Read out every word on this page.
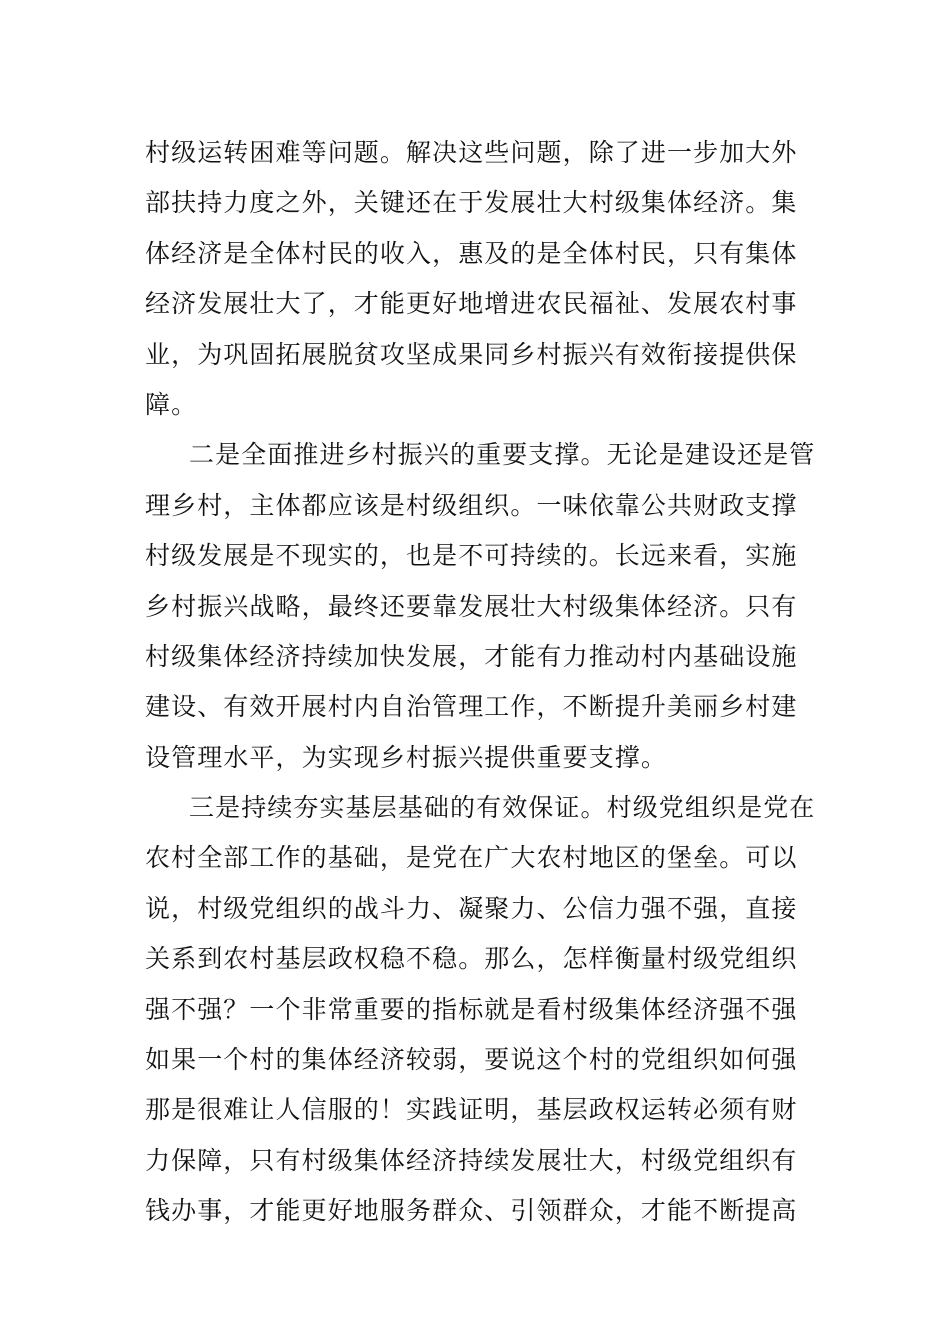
村级运转困难等问题。解决这些问题，除了进一步加大外
部扶持力度之外，关键还在于发展壮大村级集体经济。集
体经济是全体村民的收入，惠及的是全体村民，只有集体
经济发展壮大了，才能更好地增进农民福祉、发展农村事
业，为巩固拓展脱贫攻坚成果同乡村振兴有效衔接提供保
障。
二是全面推进乡村振兴的重要支撑。无论是建设还是管
理乡村，主体都应该是村级组织。一味依靠公共财政支撑
村级发展是不现实的，也是不可持续的。长远来看，实施
乡村振兴战略，最终还要靠发展壮大村级集体经济。只有
村级集体经济持续加快发展，才能有力推动村内基础设施
建设、有效开展村内自治管理工作，不断提升美丽乡村建
设管理水平，为实现乡村振兴提供重要支撑。
三是持续夯实基层基础的有效保证。村级党组织是党在
农村全部工作的基础，是党在广大农村地区的堡垒。可以
说，村级党组织的战斗力、凝聚力、公信力强不强，直接
关系到农村基层政权稳不稳。那么，怎样衡量村级党组织
强不强？一个非常重要的指标就是看村级集体经济强不强
如果一个村的集体经济较弱，要说这个村的党组织如何强
那是很难让人信服的！实践证明，基层政权运转必须有财
力保障，只有村级集体经济持续发展壮大，村级党组织有
钱办事，才能更好地服务群众、引领群众，才能不断提高
